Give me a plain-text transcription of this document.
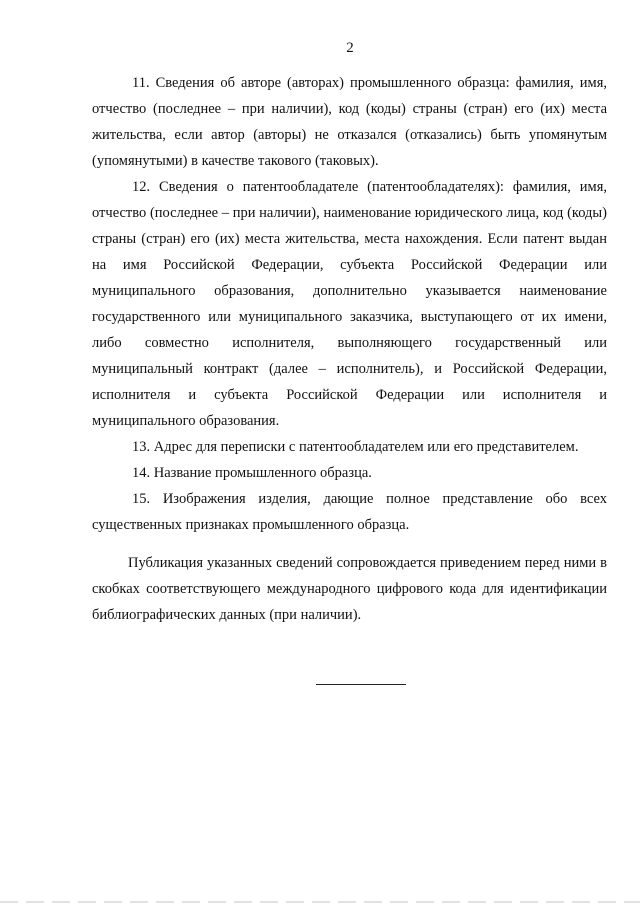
2

11. Сведения об авторе (авторах) промышленного образца: фамилия, имя, отчество (последнее – при наличии), код (коды) страны (стран) его (их) места жительства, если автор (авторы) не отказался (отказались) быть упомянутым (упомянутыми) в качестве такового (таковых).

12. Сведения о патентообладателе (патентообладателях): фамилия, имя, отчество (последнее – при наличии), наименование юридического лица, код (коды) страны (стран) его (их) места жительства, места нахождения. Если патент выдан на имя Российской Федерации, субъекта Российской Федерации или муниципального образования, дополнительно указывается наименование государственного или муниципального заказчика, выступающего от их имени, либо совместно исполнителя, выполняющего государственный или муниципальный контракт (далее – исполнитель), и Российской Федерации, исполнителя и субъекта Российской Федерации или исполнителя и муниципального образования.

13. Адрес для переписки с патентообладателем или его представителем.

14. Название промышленного образца.

15. Изображения изделия, дающие полное представление обо всех существенных признаках промышленного образца.

Публикация указанных сведений сопровождается приведением перед ними в скобках соответствующего международного цифрового кода для идентификации библиографических данных (при наличии).
